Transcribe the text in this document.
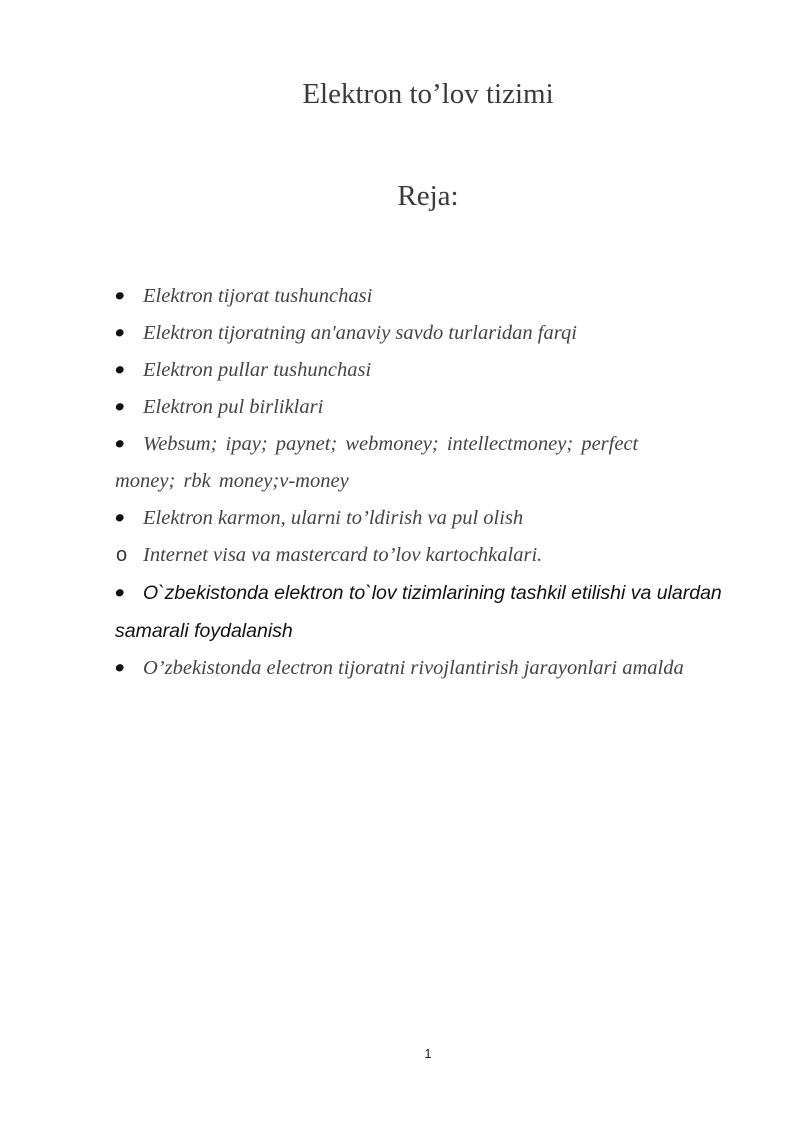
Elektron to’lov tizimi
Reja:
Elektron tijorat tushunchasi
Elektron tijoratning an'anaviy savdo turlaridan farqi
Elektron pullar tushunchasi
Elektron pul birliklari
Websum; ipay; paynet; webmoney; intellectmoney; perfect
money; rbk money;v-money
Elektron karmon, ularni to’ldirish va pul olish
o Internet visa va mastercard to’lov kartochkalari.
O`zbekistonda elektron to`lov tizimlarining tashkil etilishi va ulardan
samarali foydalanish
O’zbekistonda electron tijoratni rivojlantirish jarayonlari amalda
1
